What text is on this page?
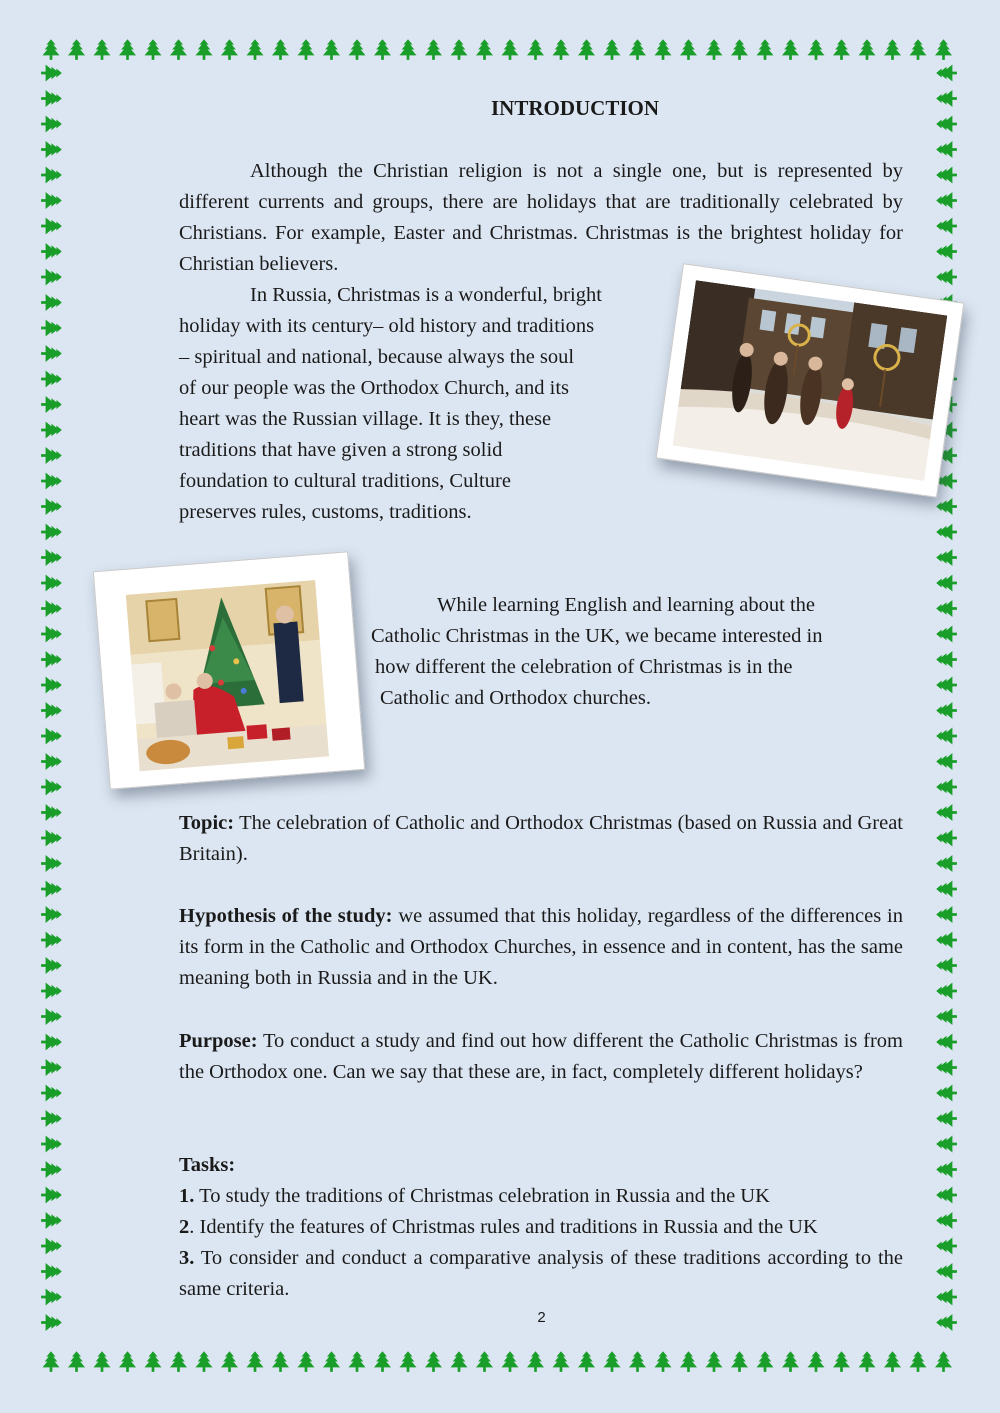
INTRODUCTION
Although the Christian religion is not a single one, but is represented by different currents and groups, there are holidays that are traditionally celebrated by Christians. For example, Easter and Christmas. Christmas is the brightest holiday for Christian believers.
In Russia, Christmas is a wonderful, bright
holiday with its century– old history and traditions
– spiritual and national, because always the soul
of our people was the Orthodox Church, and its
heart was the Russian village. It is they, these
traditions that have given a strong solid
foundation to cultural traditions, Culture
preserves rules, customs, traditions.
While learning English and learning about the
Catholic Christmas in the UK, we became interested in
how different the celebration of Christmas is in the
Catholic and Orthodox churches.
Topic: The celebration of Catholic and Orthodox Christmas (based on Russia and Great Britain).
Hypothesis of the study: we assumed that this holiday, regardless of the differences in its form in the Catholic and Orthodox Churches, in essence and in content, has the same meaning both in Russia and in the UK.
Purpose: To conduct a study and find out how different the Catholic Christmas is from the Orthodox one. Can we say that these are, in fact, completely different holidays?
Tasks:
1. To study the traditions of Christmas celebration in Russia and the UK
2. Identify the features of Christmas rules and traditions in Russia and the UK
3. To consider and conduct a comparative analysis of these traditions according to the same criteria.
2
